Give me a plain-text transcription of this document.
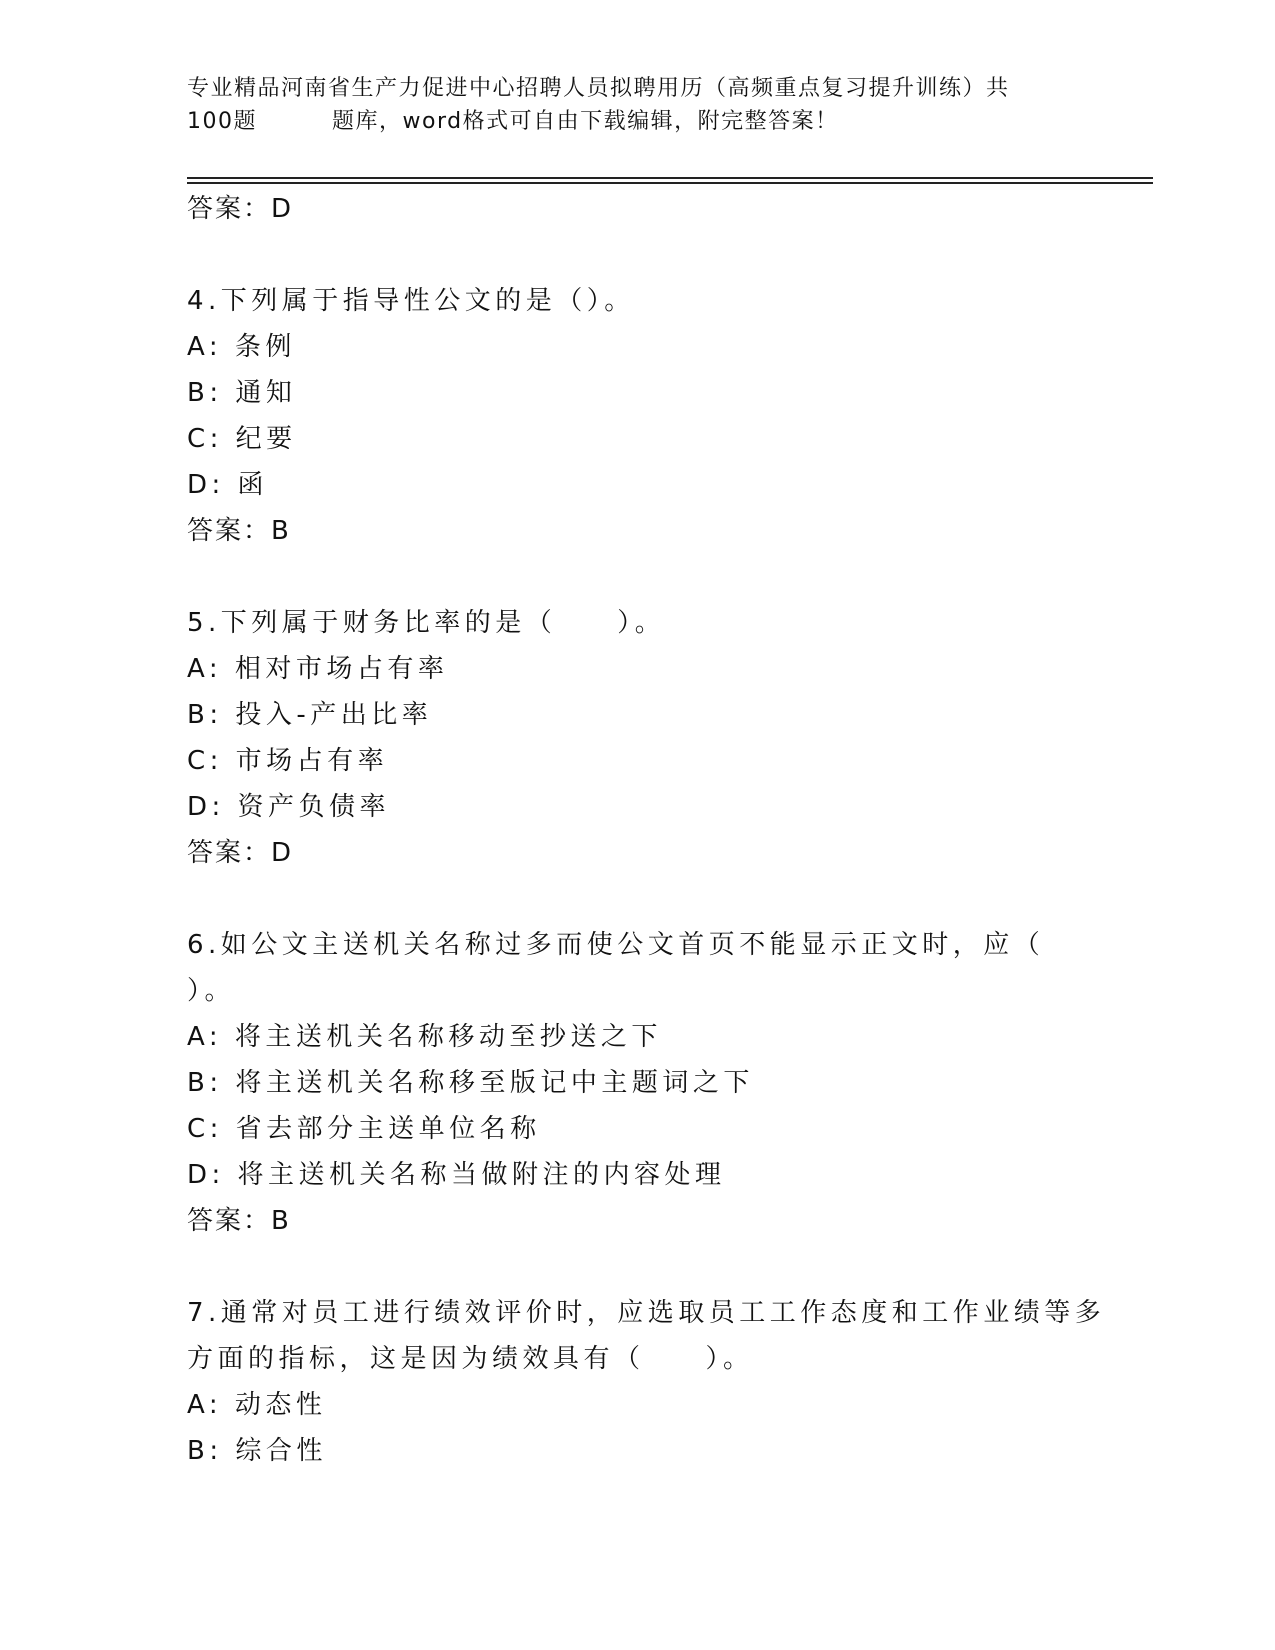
专业精品河南省生产力促进中心招聘人员拟聘用历（高频重点复习提升训练）共
100题	题库，word格式可自由下载编辑，附完整答案！
答案：D
4.下列属于指导性公文的是（）。
A: 条例
B: 通知
C: 纪要
D: 函
答案：B
5.下列属于财务比率的是（　　）。
A: 相对市场占有率
B: 投入-产出比率
C: 市场占有率
D: 资产负债率
答案：D
6.如公文主送机关名称过多而使公文首页不能显示正文时，应（
）。
A: 将主送机关名称移动至抄送之下
B: 将主送机关名称移至版记中主题词之下
C: 省去部分主送单位名称
D: 将主送机关名称当做附注的内容处理
答案：B
7.通常对员工进行绩效评价时，应选取员工工作态度和工作业绩等多
方面的指标，这是因为绩效具有（　　）。
A: 动态性
B: 综合性
